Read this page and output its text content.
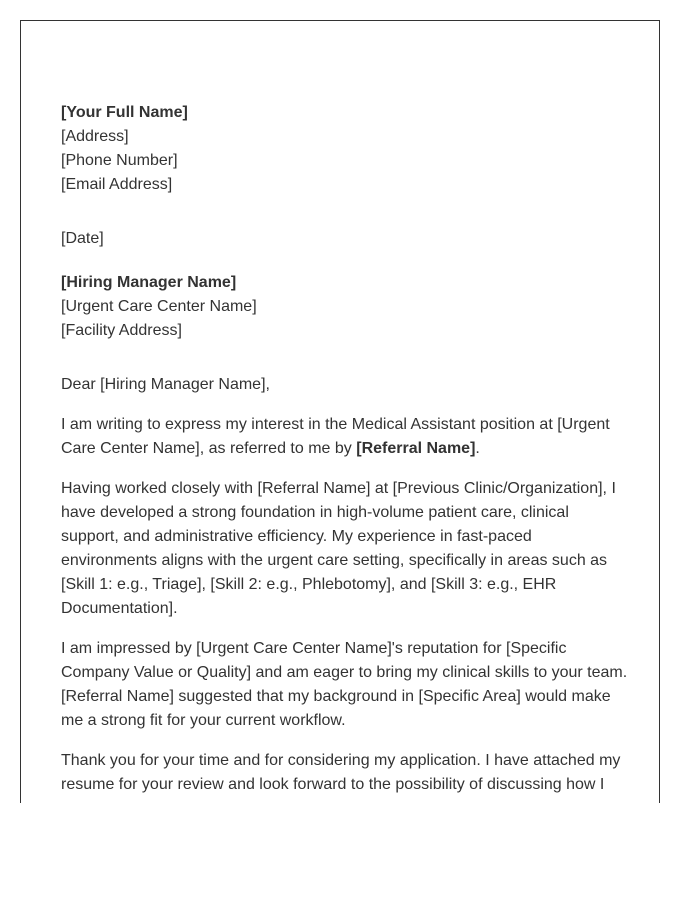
[Your Full Name]
[Address]
[Phone Number]
[Email Address]
[Date]
[Hiring Manager Name]
[Urgent Care Center Name]
[Facility Address]
Dear [Hiring Manager Name],

I am writing to express my interest in the Medical Assistant position at [Urgent Care Center Name], as referred to me by [Referral Name].

Having worked closely with [Referral Name] at [Previous Clinic/Organization], I have developed a strong foundation in high-volume patient care, clinical support, and administrative efficiency. My experience in fast-paced environments aligns with the urgent care setting, specifically in areas such as [Skill 1: e.g., Triage], [Skill 2: e.g., Phlebotomy], and [Skill 3: e.g., EHR Documentation].

I am impressed by [Urgent Care Center Name]'s reputation for [Specific Company Value or Quality] and am eager to bring my clinical skills to your team. [Referral Name] suggested that my background in [Specific Area] would make me a strong fit for your current workflow.

Thank you for your time and for considering my application. I have attached my resume for your review and look forward to the possibility of discussing how I
